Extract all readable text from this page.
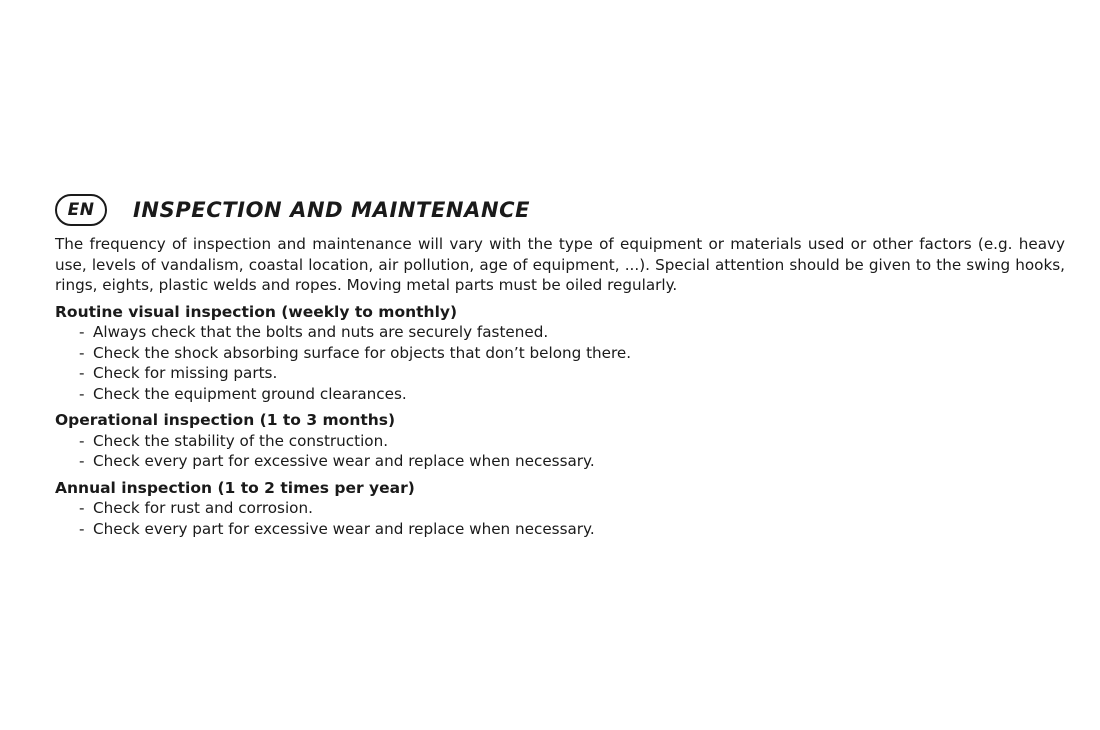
EN	INSPECTION AND MAINTENANCE

The frequency of inspection and maintenance will vary with the type of equipment or materials used or other factors (e.g. heavy use, levels of vandalism, coastal location, air pollution, age of equipment, ...). Special attention should be given to the swing hooks, rings, eights, plastic welds and ropes. Moving metal parts must be oiled regularly.

Routine visual inspection (weekly to monthly)
- Always check that the bolts and nuts are securely fastened.
- Check the shock absorbing surface for objects that don’t belong there.
- Check for missing parts.
- Check the equipment ground clearances.
Operational inspection (1 to 3 months)
- Check the stability of the construction.
- Check every part for excessive wear and replace when necessary.
Annual inspection (1 to 2 times per year)
- Check for rust and corrosion.
- Check every part for excessive wear and replace when necessary.
